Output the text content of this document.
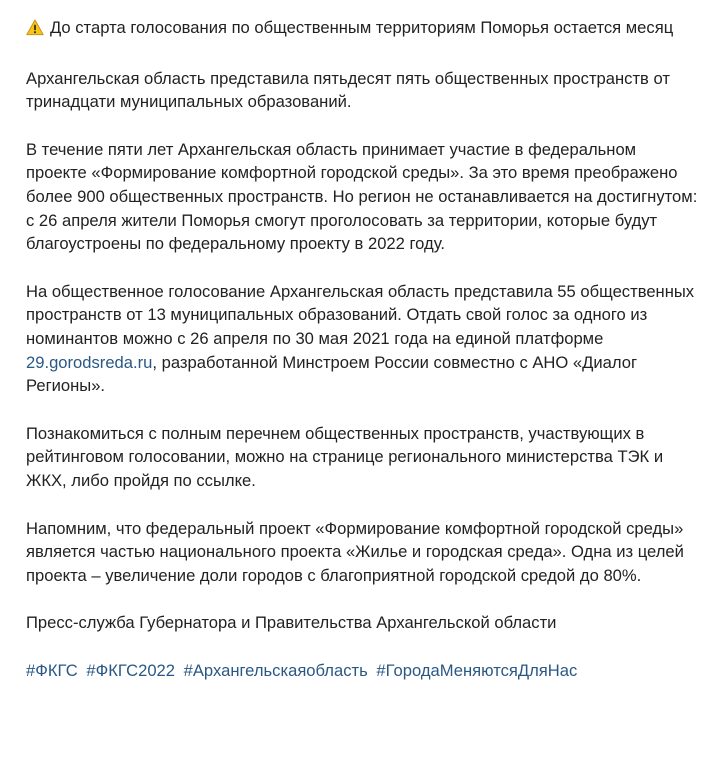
До старта голосования по общественным территориям Поморья остается месяц

Архангельская область представила пятьдесят пять общественных пространств от тринадцати муниципальных образований.

В течение пяти лет Архангельская область принимает участие в федеральном проекте «Формирование комфортной городской среды». За это время преображено более 900 общественных пространств. Но регион не останавливается на достигнутом: с 26 апреля жители Поморья смогут проголосовать за территории, которые будут благоустроены по федеральному проекту в 2022 году.

На общественное голосование Архангельская область представила 55 общественных пространств от 13 муниципальных образований. Отдать свой голос за одного из номинантов можно с 26 апреля по 30 мая 2021 года на единой платформе 29.gorodsreda.ru, разработанной Минстроем России совместно с АНО «Диалог Регионы».

Познакомиться с полным перечнем общественных пространств, участвующих в рейтинговом голосовании, можно на странице регионального министерства ТЭК и ЖКХ, либо пройдя по ссылке.

Напомним, что федеральный проект «Формирование комфортной городской среды» является частью национального проекта «Жилье и городская среда». Одна из целей проекта – увеличение доли городов с благоприятной городской средой до 80%.

Пресс-служба Губернатора и Правительства Архангельской области

#ФКГС #ФКГС2022 #Архангельскаяобласть #ГородаМеняютсяДляНас
